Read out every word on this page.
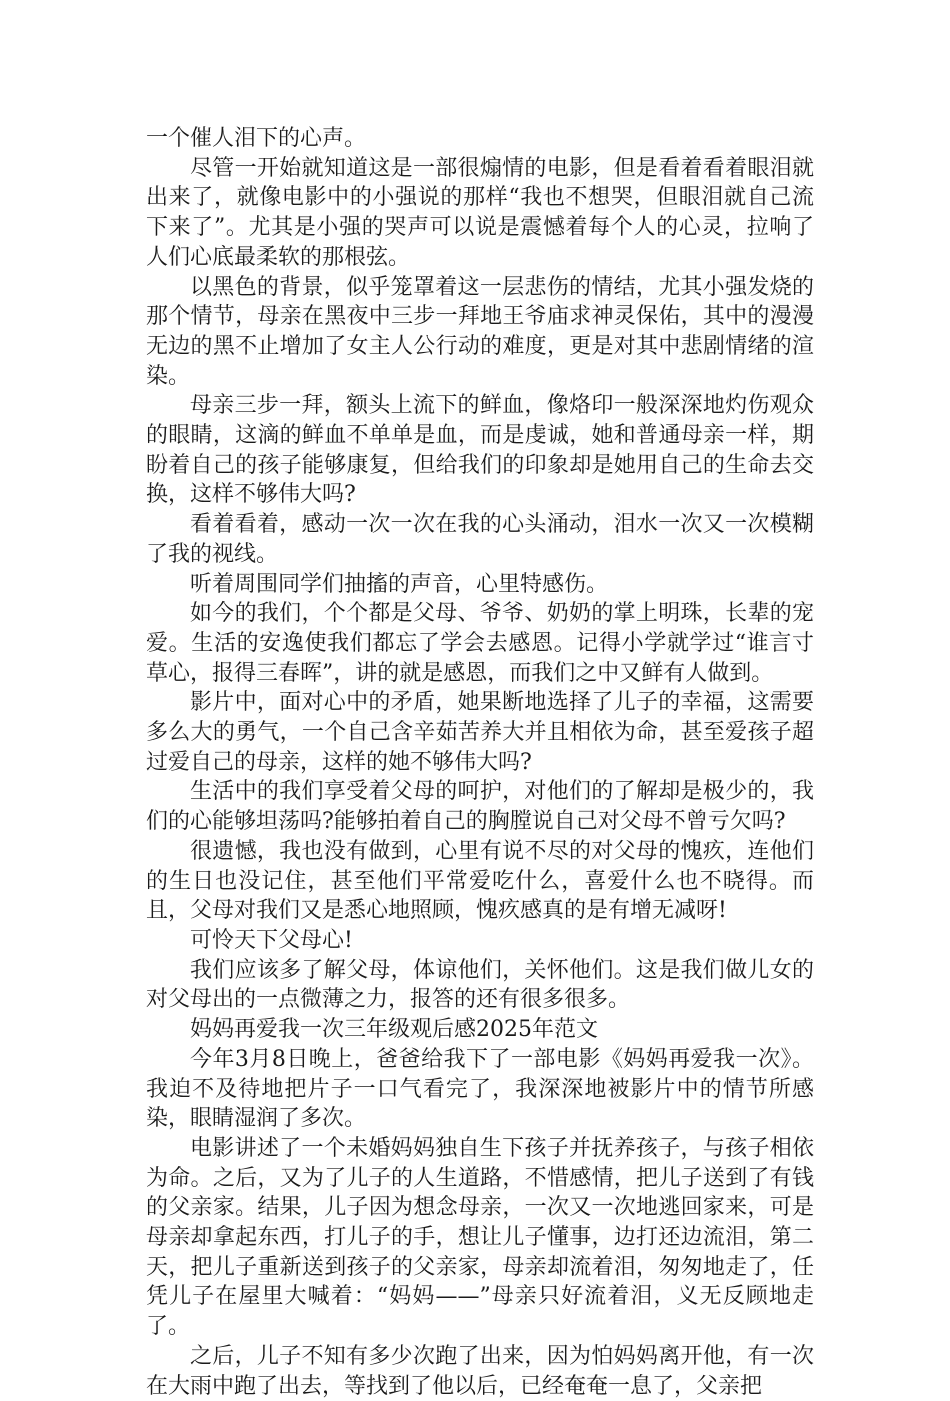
一个催人泪下的心声。

尽管一开始就知道这是一部很煽情的电影，但是看着看着眼泪就出来了，就像电影中的小强说的那样“我也不想哭，但眼泪就自己流下来了”。尤其是小强的哭声可以说是震憾着每个人的心灵，拉响了人们心底最柔软的那根弦。

以黑色的背景，似乎笼罩着这一层悲伤的情结，尤其小强发烧的那个情节，母亲在黑夜中三步一拜地王爷庙求神灵保佑，其中的漫漫无边的黑不止增加了女主人公行动的难度，更是对其中悲剧情绪的渲染。

母亲三步一拜，额头上流下的鲜血，像烙印一般深深地灼伤观众的眼睛，这滴的鲜血不单单是血，而是虔诚，她和普通母亲一样，期盼着自己的孩子能够康复，但给我们的印象却是她用自己的生命去交换，这样不够伟大吗?

看着看着，感动一次一次在我的心头涌动，泪水一次又一次模糊了我的视线。

听着周围同学们抽搐的声音，心里特感伤。

如今的我们，个个都是父母、爷爷、奶奶的掌上明珠，长辈的宠爱。生活的安逸使我们都忘了学会去感恩。记得小学就学过“谁言寸草心，报得三春晖”，讲的就是感恩，而我们之中又鲜有人做到。

影片中，面对心中的矛盾，她果断地选择了儿子的幸福，这需要多么大的勇气，一个自己含辛茹苦养大并且相依为命，甚至爱孩子超过爱自己的母亲，这样的她不够伟大吗?

生活中的我们享受着父母的呵护，对他们的了解却是极少的，我们的心能够坦荡吗?能够拍着自己的胸膛说自己对父母不曾亏欠吗?

很遗憾，我也没有做到，心里有说不尽的对父母的愧疚，连他们的生日也没记住，甚至他们平常爱吃什么，喜爱什么也不晓得。而且，父母对我们又是悉心地照顾，愧疚感真的是有增无减呀!

可怜天下父母心!

我们应该多了解父母，体谅他们，关怀他们。这是我们做儿女的对父母出的一点微薄之力，报答的还有很多很多。

妈妈再爱我一次三年级观后感2025年范文

今年3月8日晚上，爸爸给我下了一部电影《妈妈再爱我一次》。我迫不及待地把片子一口气看完了，我深深地被影片中的情节所感染，眼睛湿润了多次。

电影讲述了一个未婚妈妈独自生下孩子并抚养孩子，与孩子相依为命。之后，又为了儿子的人生道路，不惜感情，把儿子送到了有钱的父亲家。结果，儿子因为想念母亲，一次又一次地逃回家来，可是母亲却拿起东西，打儿子的手，想让儿子懂事，边打还边流泪，第二天，把儿子重新送到孩子的父亲家，母亲却流着泪，匆匆地走了，任凭儿子在屋里大喊着：“妈妈——”母亲只好流着泪，义无反顾地走了。

之后，儿子不知有多少次跑了出来，因为怕妈妈离开他，有一次在大雨中跑了出去，等找到了他以后，已经奄奄一息了，父亲把
